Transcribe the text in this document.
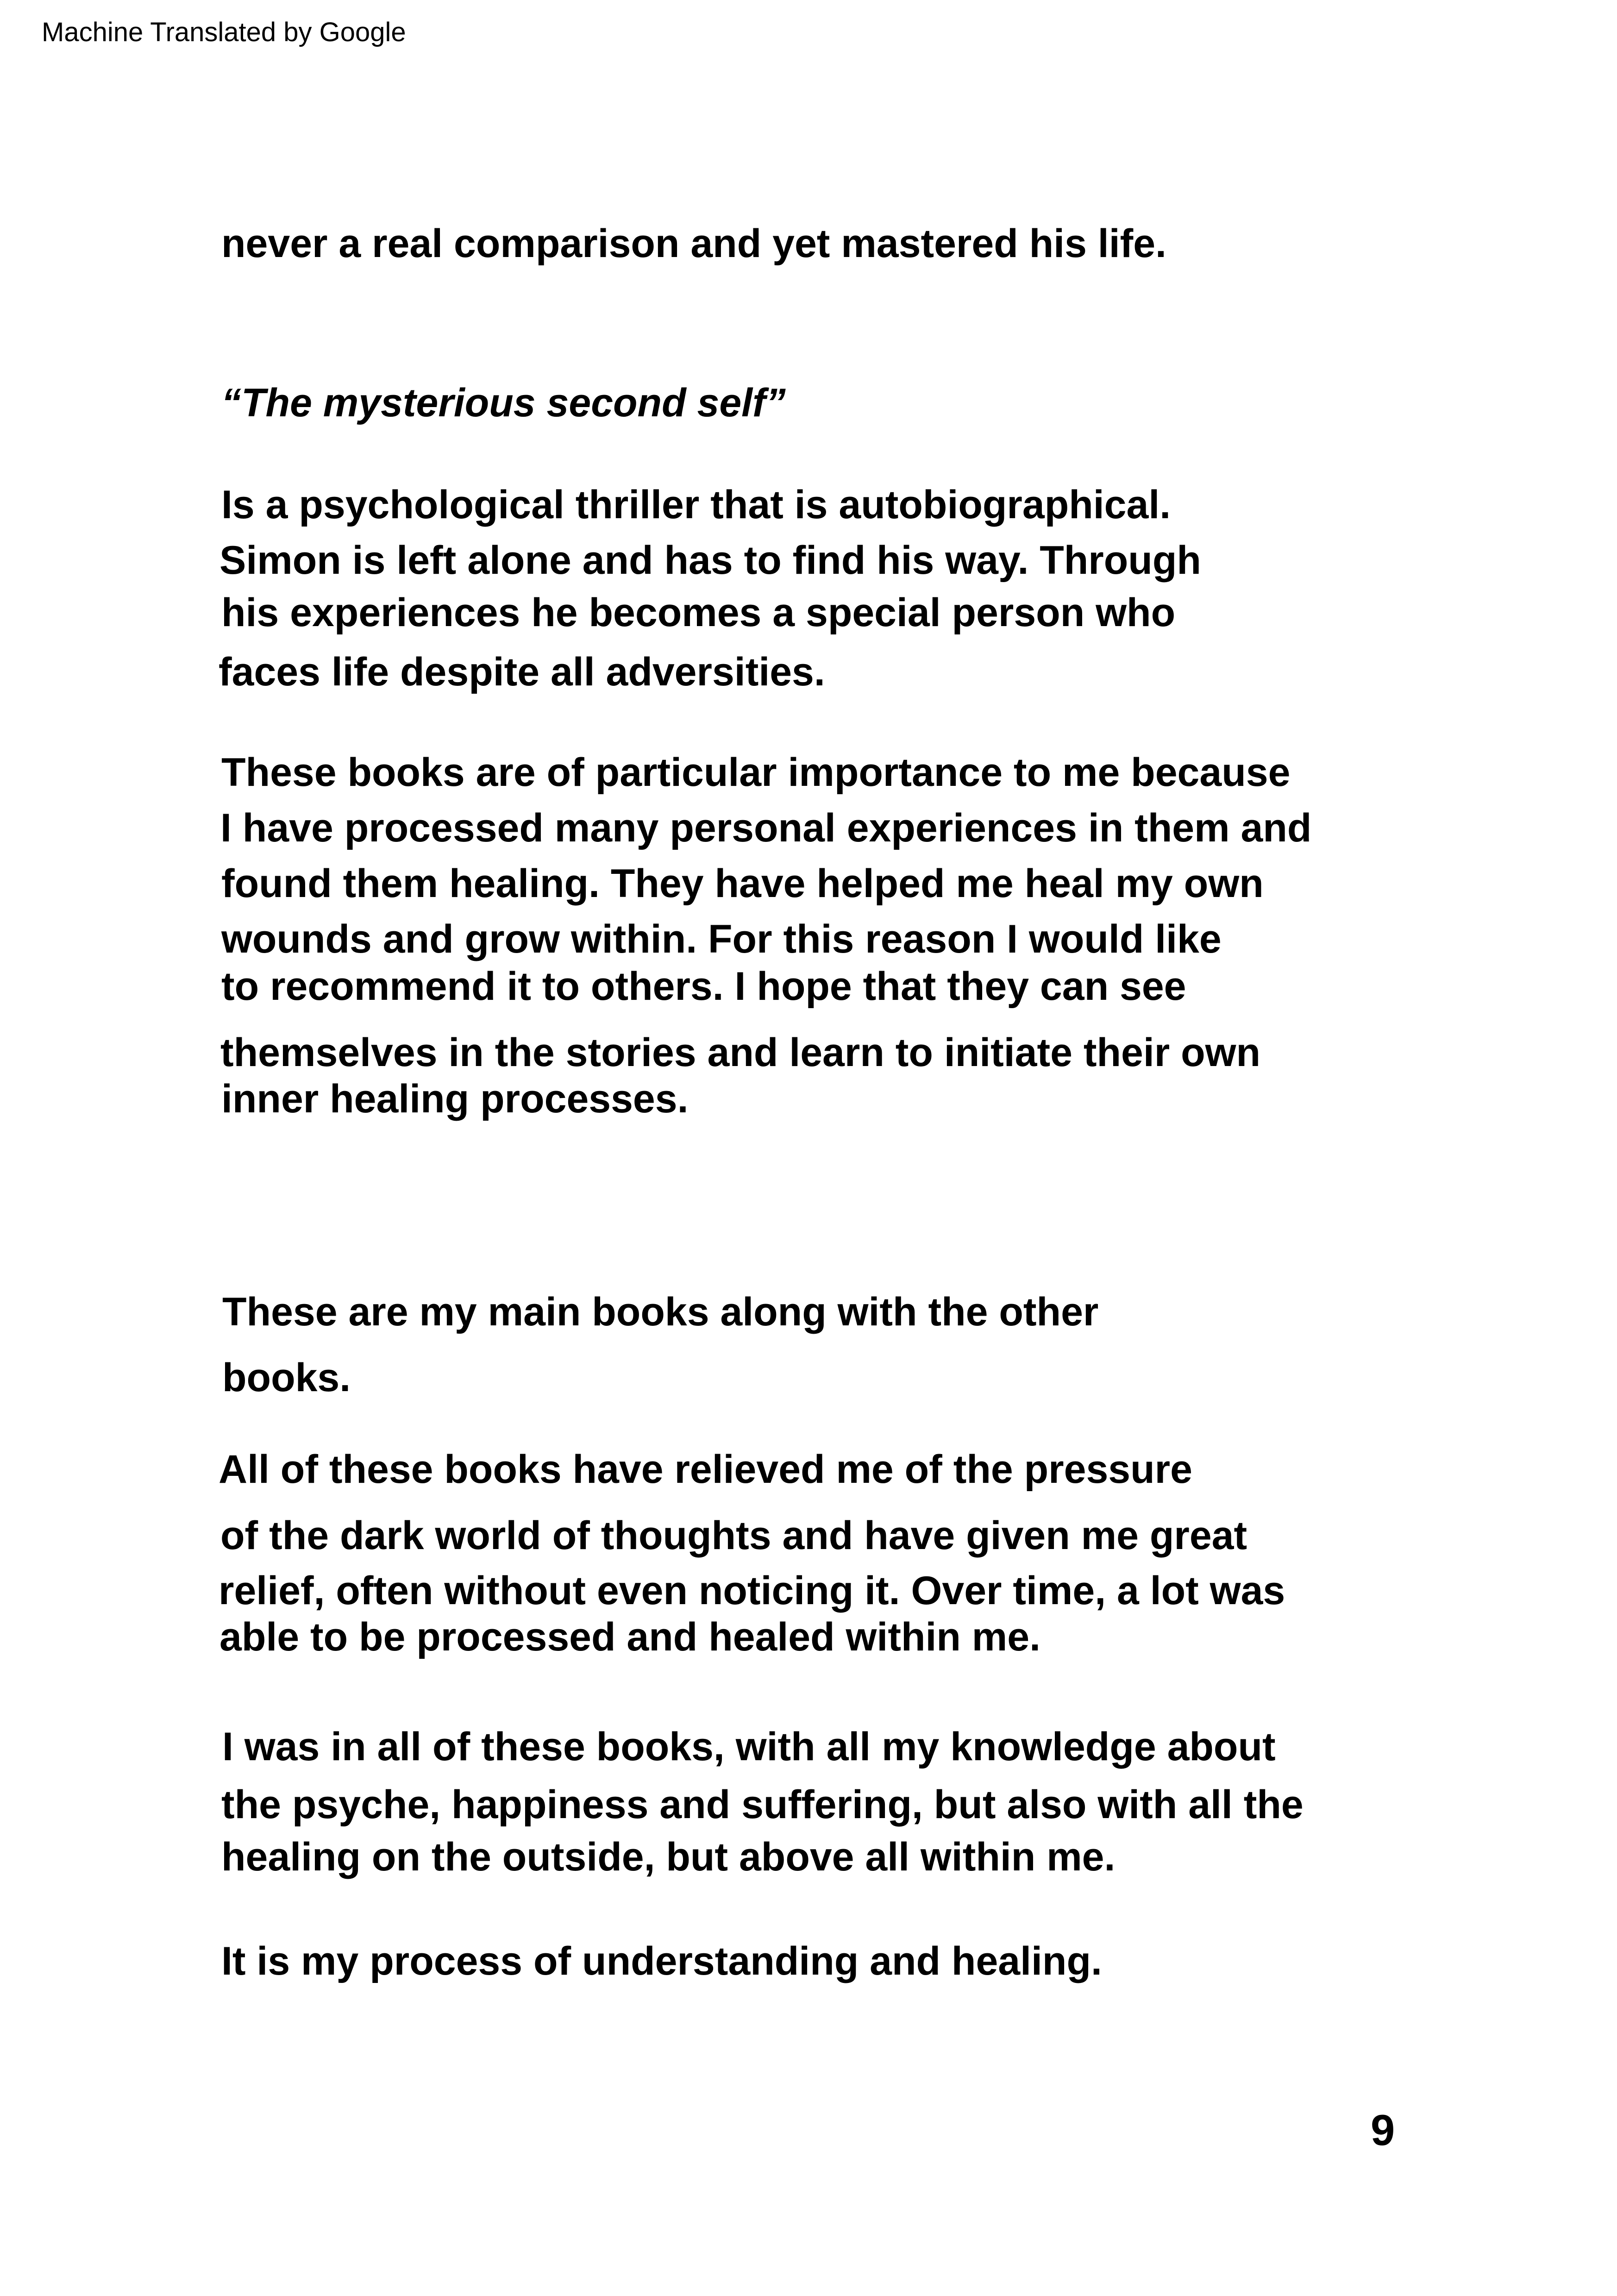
Machine Translated by Google
never a real comparison and yet mastered his life.
“The mysterious second self”
Is a psychological thriller that is autobiographical.
Simon is left alone and has to find his way. Through
his experiences he becomes a special person who
faces life despite all adversities.
These books are of particular importance to me because
I have processed many personal experiences in them and
found them healing. They have helped me heal my own
wounds and grow within. For this reason I would like
to recommend it to others. I hope that they can see
themselves in the stories and learn to initiate their own
inner healing processes.
These are my main books along with the other
books.
All of these books have relieved me of the pressure
of the dark world of thoughts and have given me great
relief, often without even noticing it. Over time, a lot was
able to be processed and healed within me.
I was in all of these books, with all my knowledge about
the psyche, happiness and suffering, but also with all the
healing on the outside, but above all within me.
It is my process of understanding and healing.
9
